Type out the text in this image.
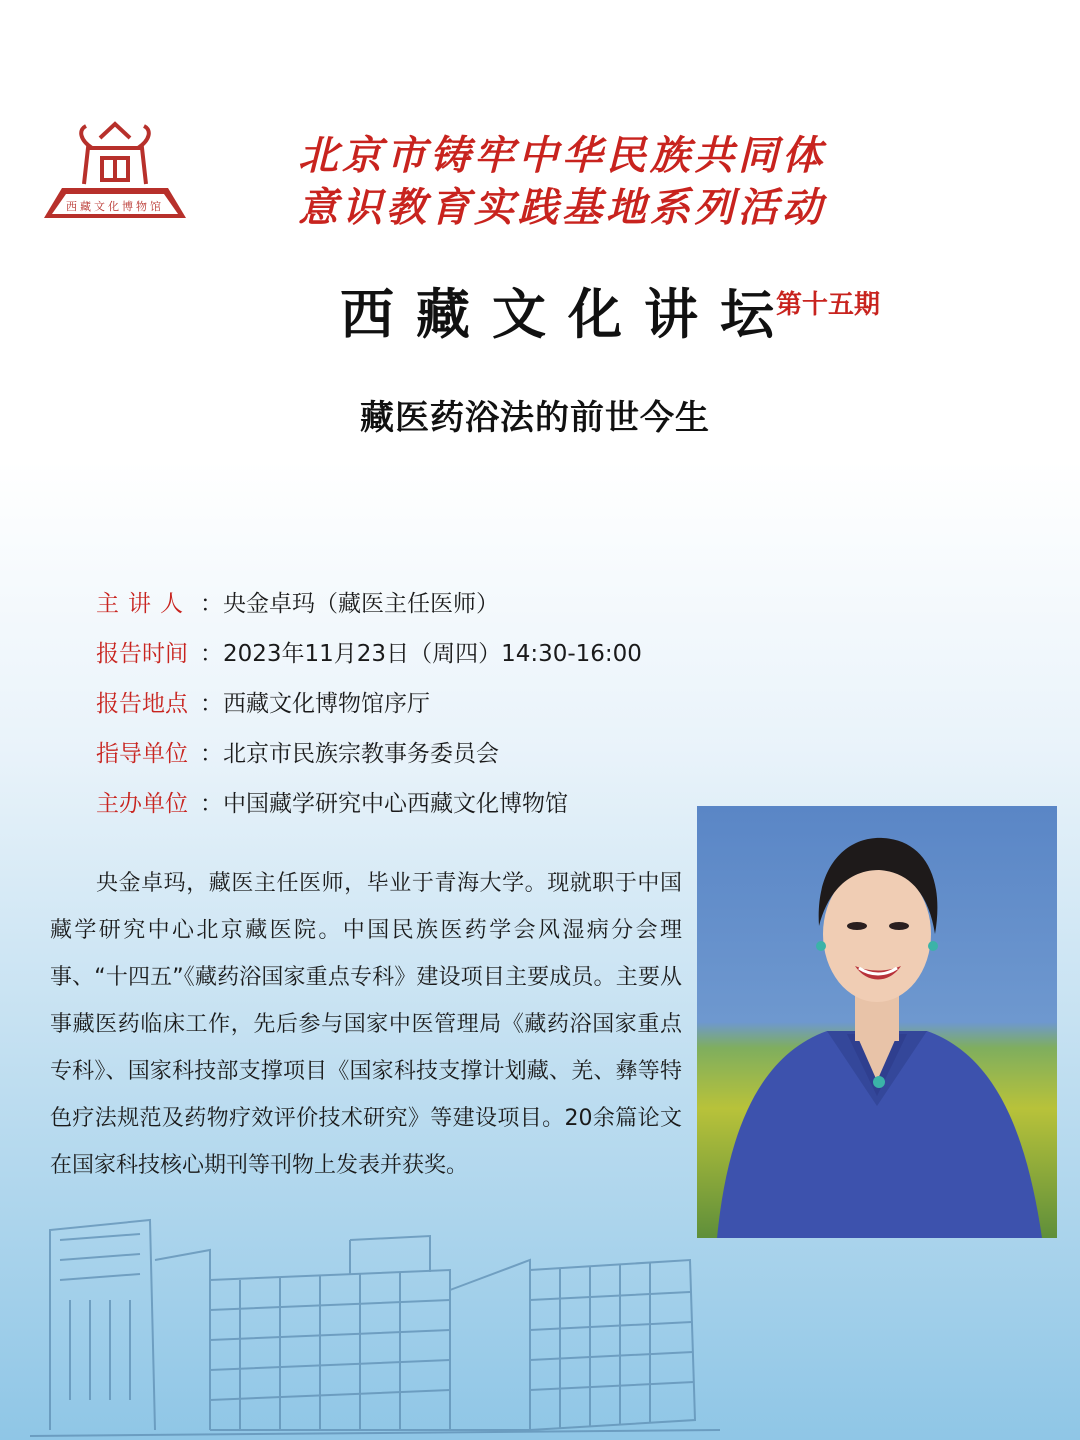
西藏文化博物馆
北京市铸牢中华民族共同体
意识教育实践基地系列活动
西藏文化讲坛
第十五期
藏医药浴法的前世今生
主讲人 ：央金卓玛（藏医主任医师）
报告时间 ：2023年11月23日（周四）14:30-16:00
报告地点 ：西藏文化博物馆序厅
指导单位 ：北京市民族宗教事务委员会
主办单位 ：中国藏学研究中心西藏文化博物馆

央金卓玛，藏医主任医师，毕业于青海大学。现就职于中国藏学研究中心北京藏医院。中国民族医药学会风湿病分会理事、“十四五”《藏药浴国家重点专科》建设项目主要成员。主要从事藏医药临床工作，先后参与国家中医管理局《藏药浴国家重点专科》、国家科技部支撑项目《国家科技支撑计划藏、羌、彝等特色疗法规范及药物疗效评价技术研究》等建设项目。20余篇论文在国家科技核心期刊等刊物上发表并获奖。
